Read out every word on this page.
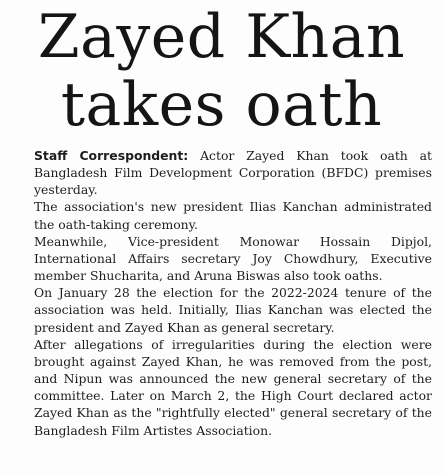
Zayed Khan
takes oath

Staff Correspondent: Actor Zayed Khan took oath at Bangladesh Film Development Corporation (BFDC) premises yesterday.

The association's new president Ilias Kanchan administrated the oath-taking ceremony.

Meanwhile, Vice-president Monowar Hossain Dipjol, International Affairs secretary Joy Chowdhury, Executive member Shucharita, and Aruna Biswas also took oaths.

On January 28 the election for the 2022-2024 tenure of the association was held. Initially, Ilias Kanchan was elected the president and Zayed Khan as general secretary.

After allegations of irregularities during the election were brought against Zayed Khan, he was removed from the post, and Nipun was announced the new general secretary of the committee. Later on March 2, the High Court declared actor Zayed Khan as the "rightfully elected" general secretary of the Bangladesh Film Artistes Association.
